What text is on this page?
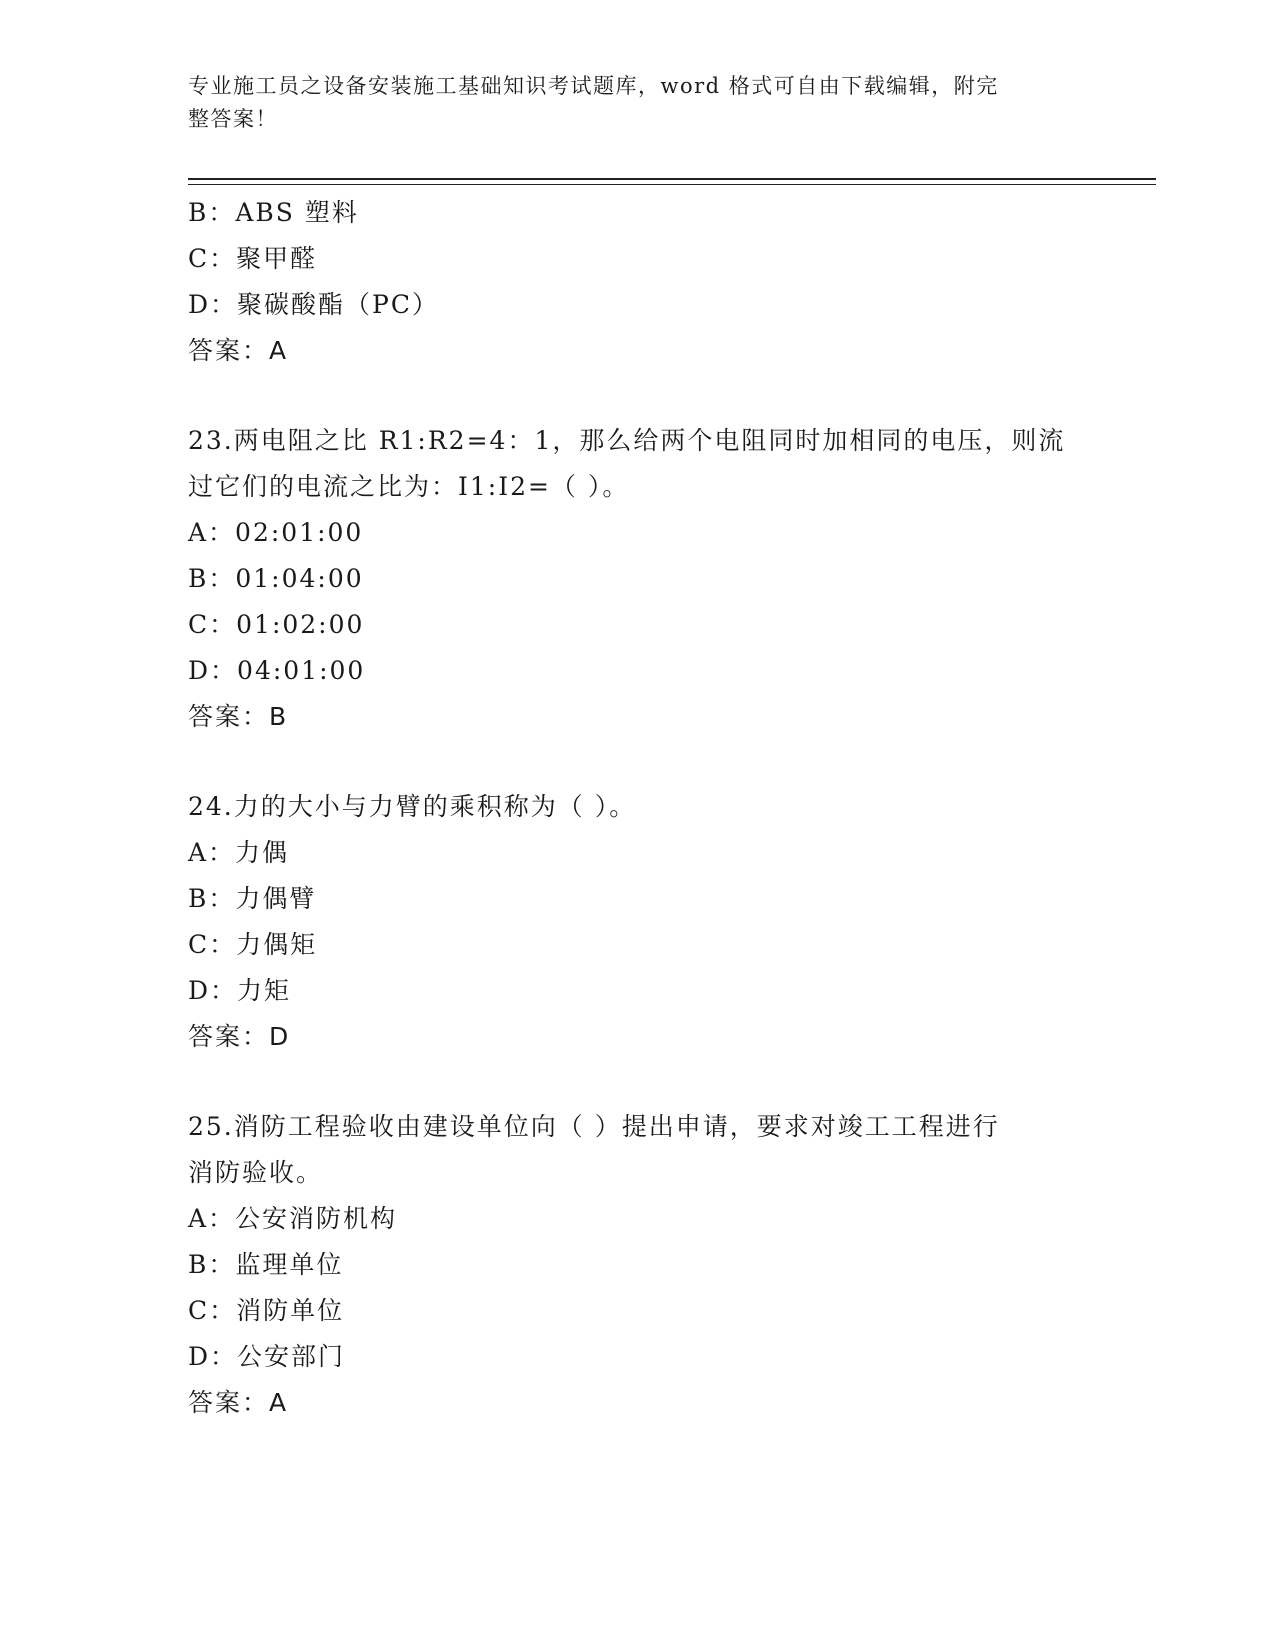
专业施工员之设备安装施工基础知识考试题库，word 格式可自由下载编辑，附完
整答案！
B：ABS 塑料
C：聚甲醛
D：聚碳酸酯（PC）
答案：A
23.两电阻之比 R1:R2=4：1，那么给两个电阻同时加相同的电压，则流
过它们的电流之比为：I1:I2=（ ）。
A：02:01:00
B：01:04:00
C：01:02:00
D：04:01:00
答案：B
24.力的大小与力臂的乘积称为（ ）。
A：力偶
B：力偶臂
C：力偶矩
D：力矩
答案：D
25.消防工程验收由建设单位向（ ）提出申请，要求对竣工工程进行
消防验收。
A：公安消防机构
B：监理单位
C：消防单位
D：公安部门
答案：A
